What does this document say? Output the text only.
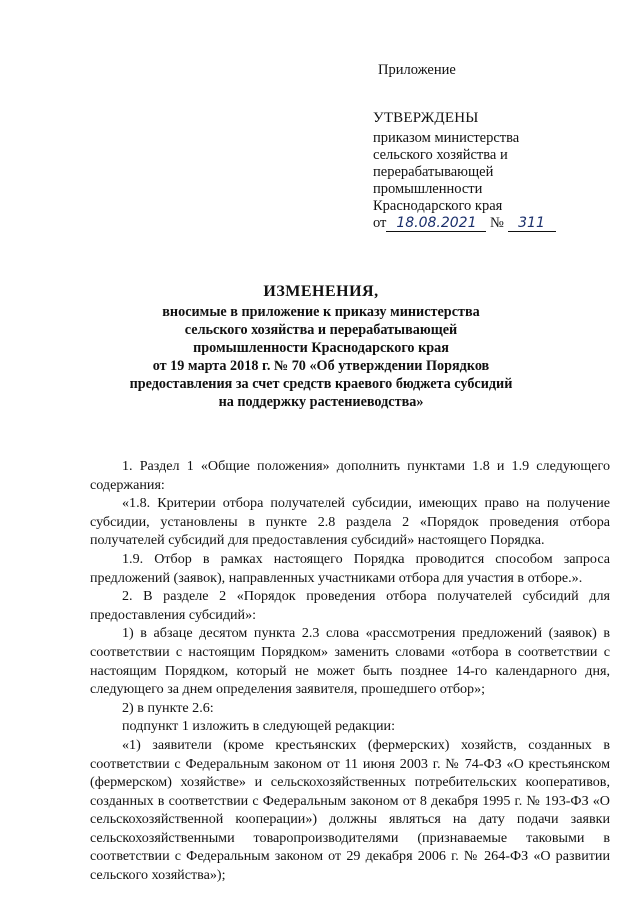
Приложение
УТВЕРЖДЕНЫ
приказом министерства
сельского хозяйства и
перерабатывающей
промышленности
Краснодарского края
от 18.08.2021 № 311
ИЗМЕНЕНИЯ,
вносимые в приложение к приказу министерства
сельского хозяйства и перерабатывающей
промышленности Краснодарского края
от 19 марта 2018 г. № 70 «Об утверждении Порядков
предоставления за счет средств краевого бюджета субсидий
на поддержку растениеводства»

1. Раздел 1 «Общие положения» дополнить пунктами 1.8 и 1.9 следующего содержания:

«1.8. Критерии отбора получателей субсидии, имеющих право на получение субсидии, установлены в пункте 2.8 раздела 2 «Порядок проведения отбора получателей субсидий для предоставления субсидий» настоящего Порядка.

1.9. Отбор в рамках настоящего Порядка проводится способом запроса предложений (заявок), направленных участниками отбора для участия в отборе.».

2. В разделе 2 «Порядок проведения отбора получателей субсидий для предоставления субсидий»:

1) в абзаце десятом пункта 2.3 слова «рассмотрения предложений (заявок) в соответствии с настоящим Порядком» заменить словами «отбора в соответствии с настоящим Порядком, который не может быть позднее 14-го календарного дня, следующего за днем определения заявителя, прошедшего отбор»;

2) в пункте 2.6:

подпункт 1 изложить в следующей редакции:

«1) заявители (кроме крестьянских (фермерских) хозяйств, созданных в соответствии с Федеральным законом от 11 июня 2003 г. № 74-ФЗ «О крестьянском (фермерском) хозяйстве» и сельскохозяйственных потребительских кооперативов, созданных в соответствии с Федеральным законом от 8 декабря 1995 г. № 193-ФЗ «О сельскохозяйственной кооперации») должны являться на дату подачи заявки сельскохозяйственными товаропроизводителями (признаваемые таковыми в соответствии с Федеральным законом от 29 декабря 2006 г. № 264-ФЗ «О развитии сельского хозяйства»);
